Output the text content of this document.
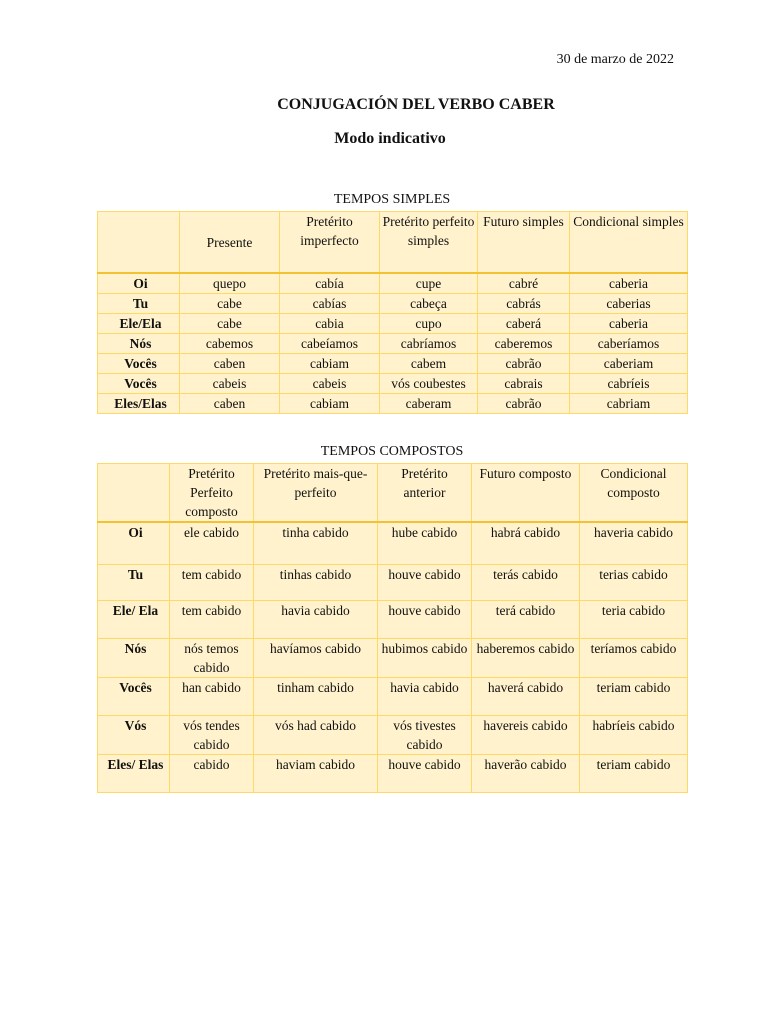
30 de marzo de 2022
CONJUGACIÓN DEL VERBO CABER
Modo indicativo
TEMPOS SIMPLES
	Presente	Pretérito imperfecto	Pretérito perfeito simples	Futuro simples	Condicional simples
Oi	quepo	cabía	cupe	cabré	caberia
Tu	cabe	cabías	cabeça	cabrás	caberias
Ele/Ela	cabe	cabia	cupo	caberá	caberia
Nós	cabemos	cabeíamos	cabríamos	caberemos	caberíamos
Vocês	caben	cabiam	cabem	cabrão	caberiam
Vocês	cabeis	cabeis	vós coubestes	cabrais	cabríeis
Eles/Elas	caben	cabiam	caberam	cabrão	cabriam
TEMPOS COMPOSTOS
	Pretérito Perfeito composto	Pretérito mais-que-perfeito	Pretérito anterior	Futuro composto	Condicional composto
Oi	ele cabido	tinha cabido	hube cabido	habrá cabido	haveria cabido
Tu	tem cabido	tinhas cabido	houve cabido	terás cabido	terias cabido
Ele/ Ela	tem cabido	havia cabido	houve cabido	terá cabido	teria cabido
Nós	nós temos cabido	havíamos cabido	hubimos cabido	haberemos cabido	teríamos cabido
Vocês	han cabido	tinham cabido	havia cabido	haverá cabido	teriam cabido
Vós	vós tendes cabido	vós had cabido	vós tivestes cabido	havereis cabido	habríeis cabido
Eles/ Elas	cabido	haviam cabido	houve cabido	haverão cabido	teriam cabido
